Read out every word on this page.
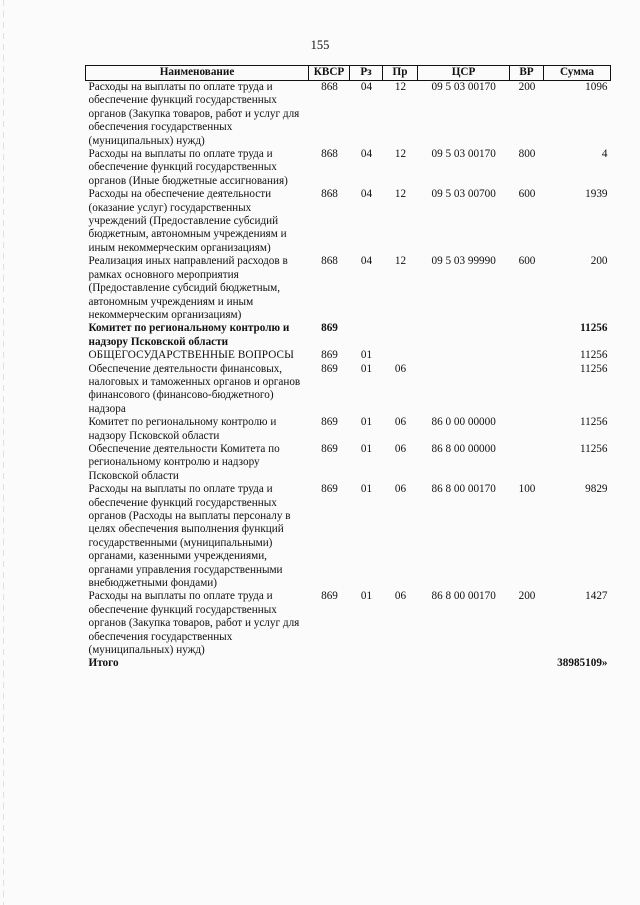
155
Наименование	КВСР	Рз	Пр	ЦСР	ВР	Сумма
Расходы на выплаты по оплате труда и обеспечение функций государственных органов (Закупка товаров, работ и услуг для обеспечения государственных (муниципальных) нужд)	868	04	12	09 5 03 00170	200	1096
Расходы на выплаты по оплате труда и обеспечение функций государственных органов (Иные бюджетные ассигнования)	868	04	12	09 5 03 00170	800	4
Расходы на обеспечение деятельности (оказание услуг) государственных учреждений (Предоставление субсидий бюджетным, автономным учреждениям и иным некоммерческим организациям)	868	04	12	09 5 03 00700	600	1939
Реализация иных направлений расходов в рамках основного мероприятия (Предоставление субсидий бюджетным, автономным учреждениям и иным некоммерческим организациям)	868	04	12	09 5 03 99990	600	200
Комитет по региональному контролю и надзору Псковской области	869					11256
ОБЩЕГОСУДАРСТВЕННЫЕ ВОПРОСЫ	869	01				11256
Обеспечение деятельности финансовых, налоговых и таможенных органов и органов финансового (финансово-бюджетного) надзора	869	01	06			11256
Комитет по региональному контролю и надзору Псковской области	869	01	06	86 0 00 00000		11256
Обеспечение деятельности Комитета по региональному контролю и надзору Псковской области	869	01	06	86 8 00 00000		11256
Расходы на выплаты по оплате труда и обеспечение функций государственных органов (Расходы на выплаты персоналу в целях обеспечения выполнения функций государственными (муниципальными) органами, казенными учреждениями, органами управления государственными внебюджетными фондами)	869	01	06	86 8 00 00170	100	9829
Расходы на выплаты по оплате труда и обеспечение функций государственных органов (Закупка товаров, работ и услуг для обеспечения государственных (муниципальных) нужд)	869	01	06	86 8 00 00170	200	1427
Итого						38985109»
